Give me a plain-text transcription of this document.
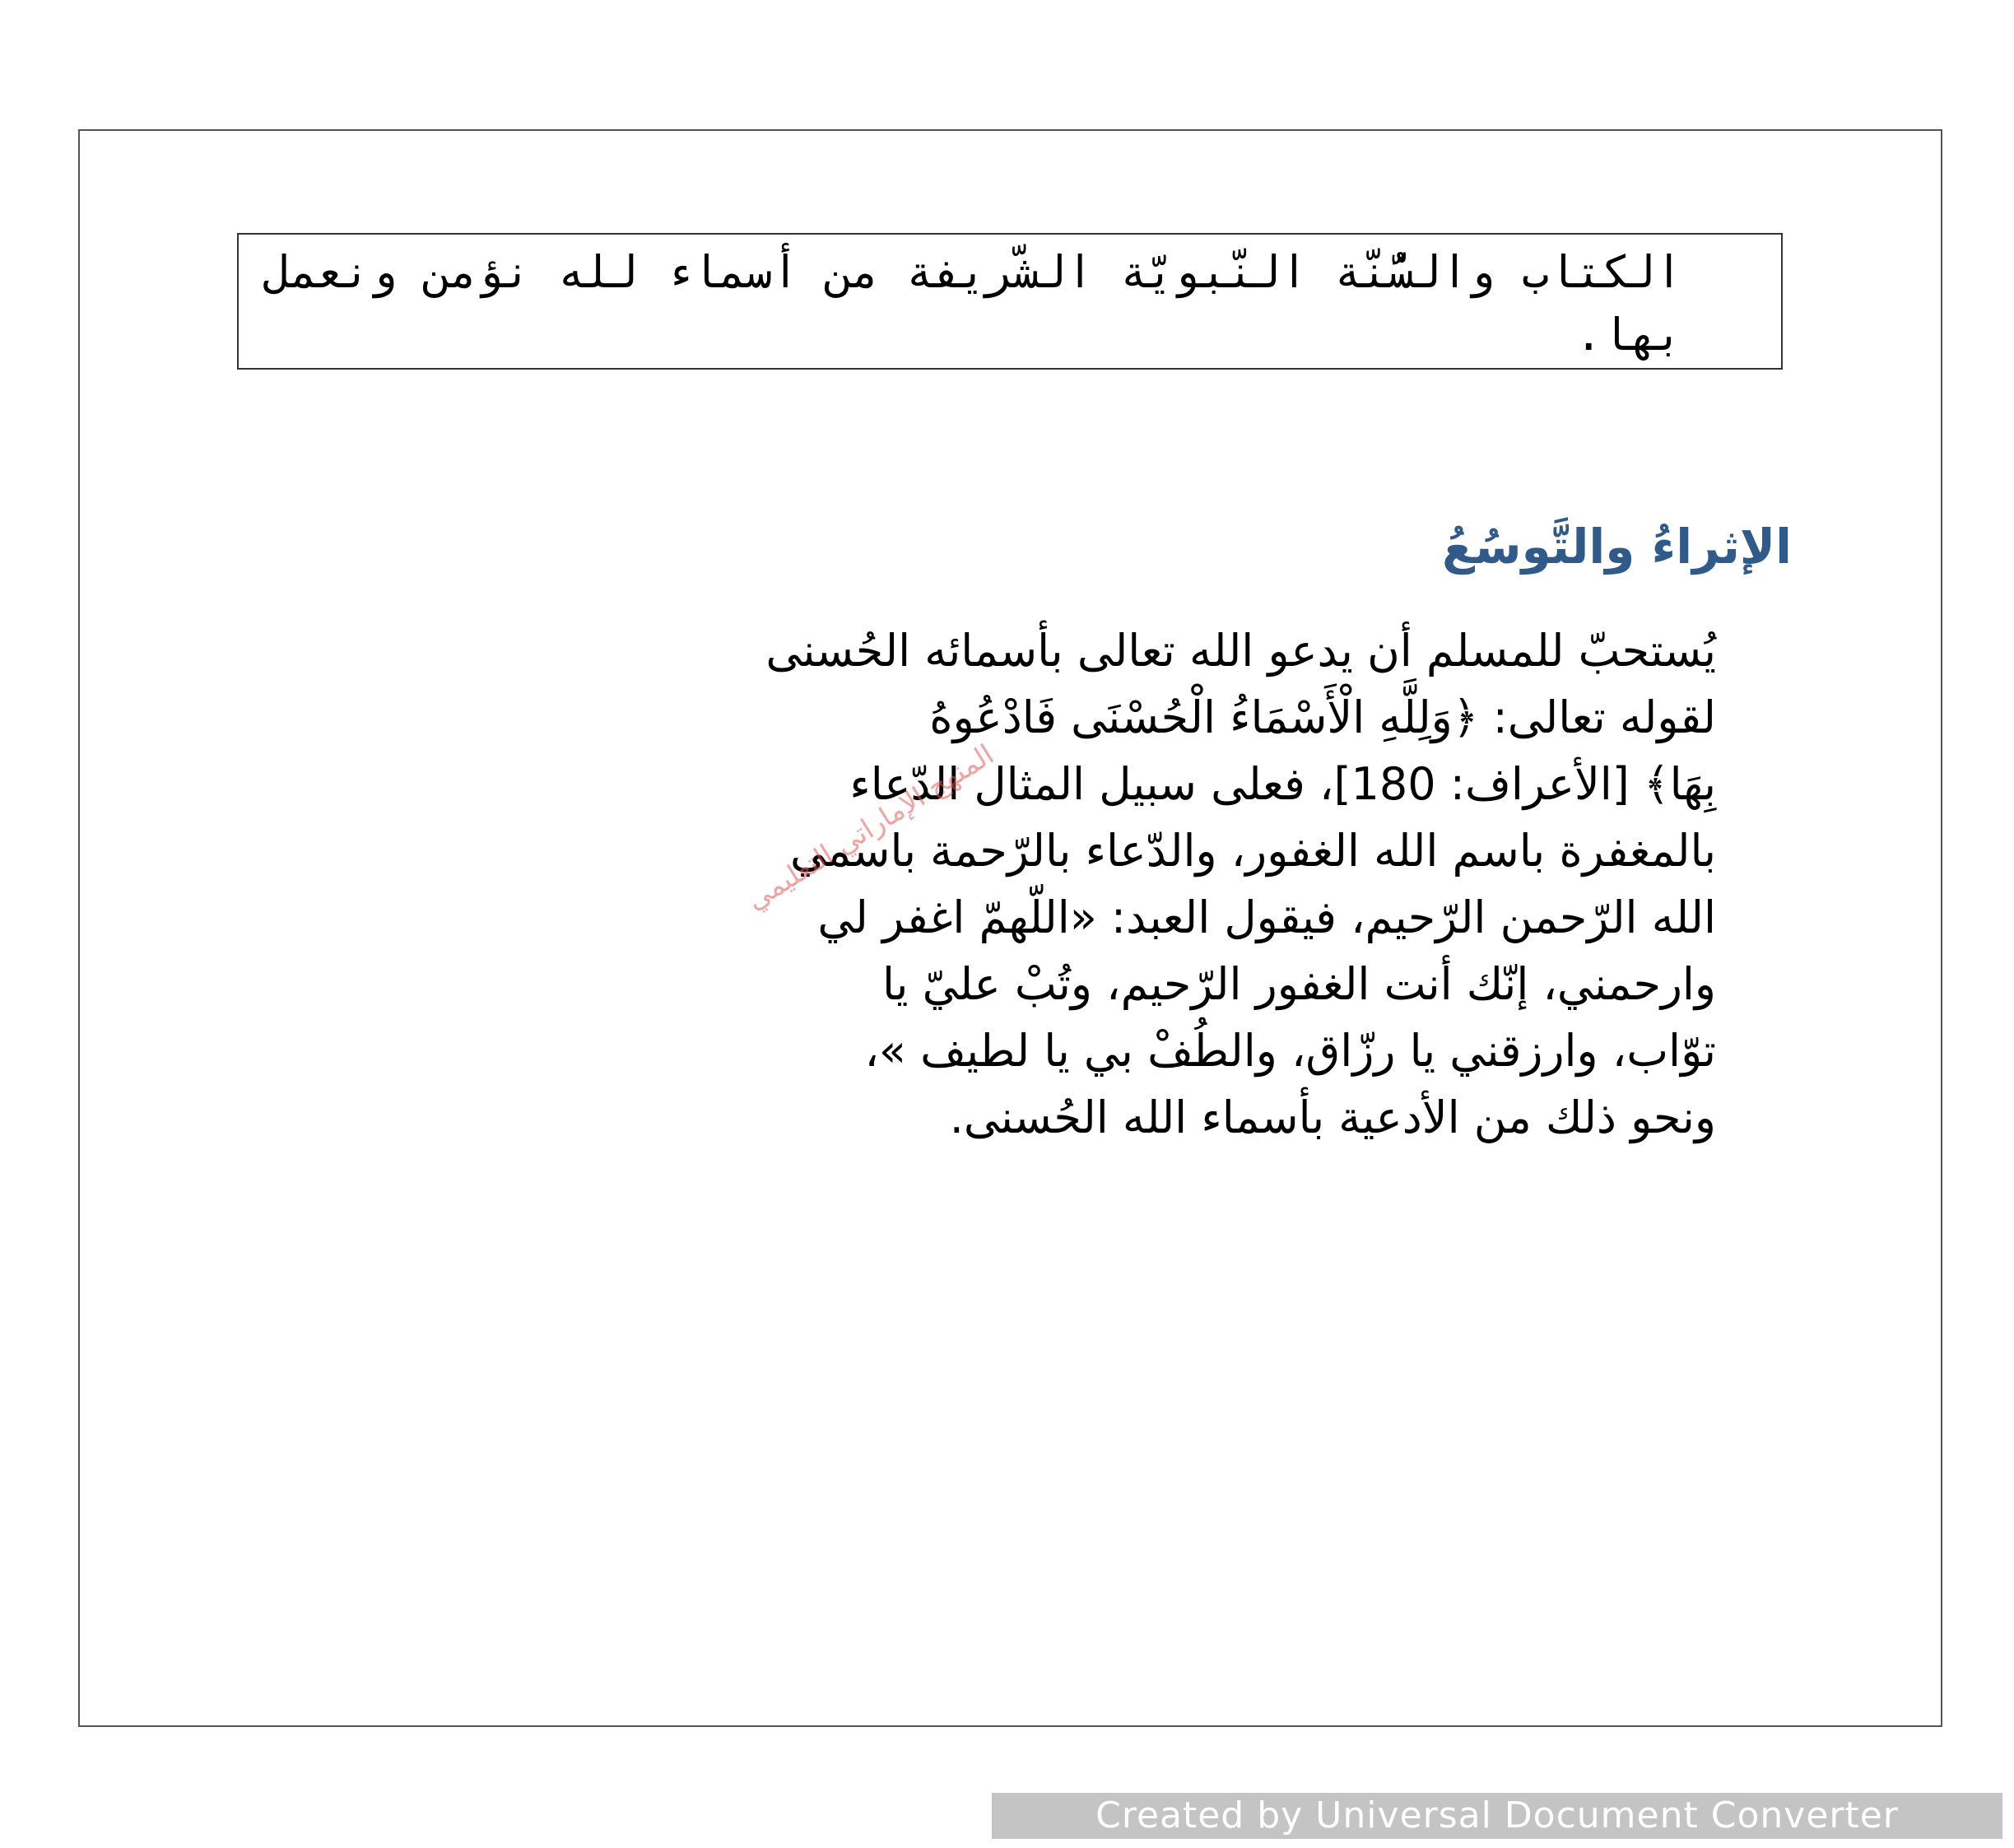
الكتاب والسُّنّة النّبويّة الشّريفة من أسماء لله نؤمن ونعمل بها.
الإثراءُ والتَّوسُعُ
يُستحبّ للمسلم أن يدعو الله تعالى بأسمائه الحُسنى
لقوله تعالى: ﴿وَلِلَّهِ الْأَسْمَاءُ الْحُسْنَى فَادْعُوهُ
بِهَا﴾ [الأعراف: 180]، فعلى سبيل المثال الدّعاء
بالمغفرة باسم الله الغفور، والدّعاء بالرّحمة باسمي
الله الرّحمن الرّحيم، فيقول العبد: «اللّهمّ اغفر لي
وارحمني، إنّك أنت الغفور الرّحيم، وتُبْ عليّ يا
توّاب، وارزقني يا رزّاق، والطُفْ بي يا لطيف »،
ونحو ذلك من الأدعية بأسماء الله الحُسنى.
المنهج الإماراتي التعليمي
Created by Universal Document Converter
